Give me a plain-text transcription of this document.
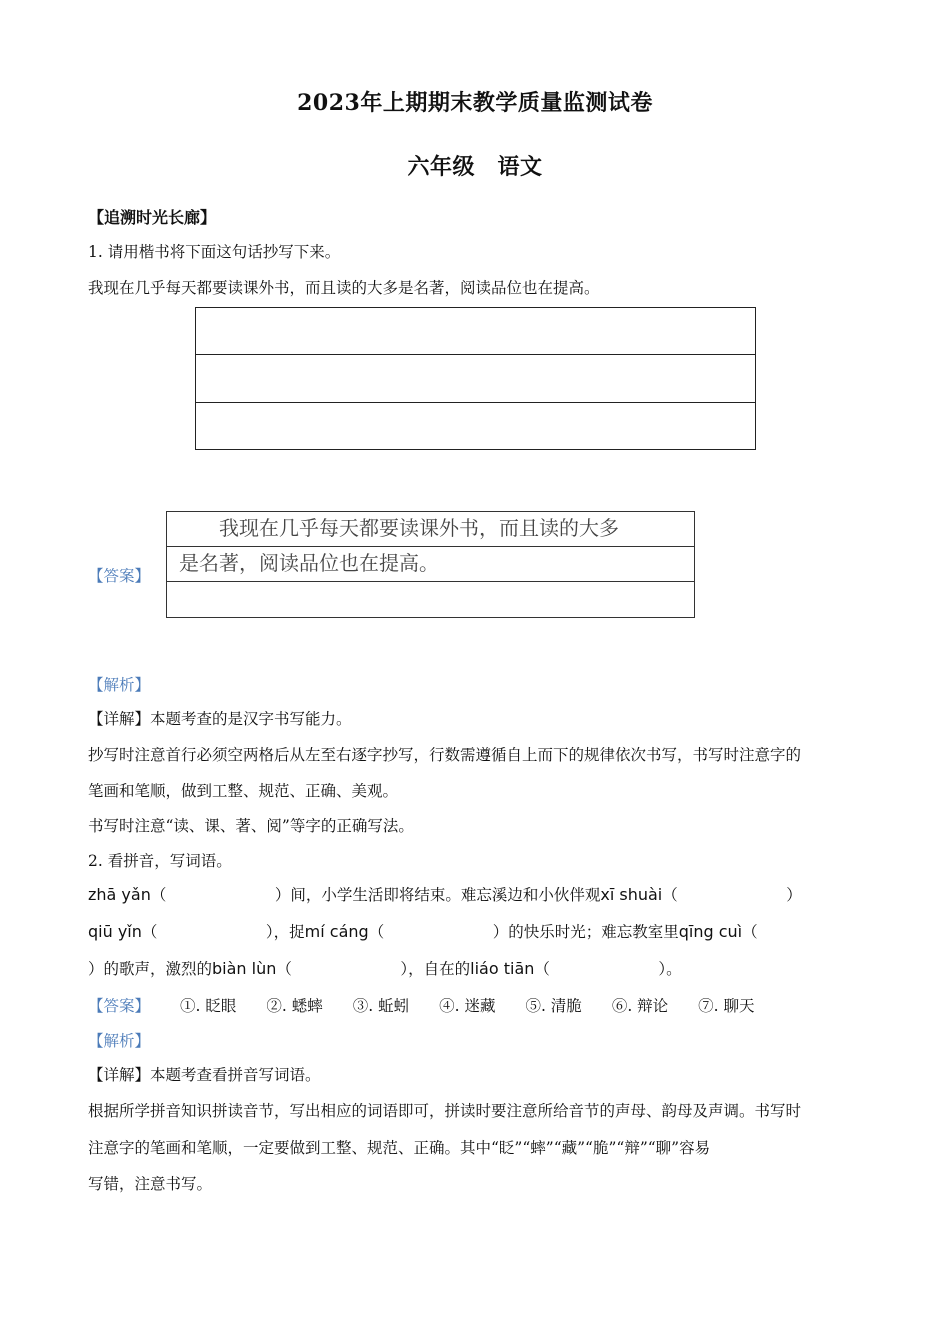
2023年上期期末教学质量监测试卷
六年级　语文
【追溯时光长廊】
1. 请用楷书将下面这句话抄写下来。
我现在几乎每天都要读课外书，而且读的大多是名著，阅读品位也在提高。
【答案】
　　我现在几乎每天都要读课外书，而且读的大多
是名著，阅读品位也在提高。
【解析】
【详解】本题考查的是汉字书写能力。
抄写时注意首行必须空两格后从左至右逐字抄写，行数需遵循自上而下的规律依次书写，书写时注意字的
笔画和笔顺，做到工整、规范、正确、美观。
书写时注意“读、课、著、阅”等字的正确写法。
2. 看拼音，写词语。
zhā yǎn（　　　　　　　）间，小学生活即将结束。难忘溪边和小伙伴观xī shuài（　　　　　　　）
qiū yǐn（　　　　　　　），捉mí cáng（　　　　　　　）的快乐时光；难忘教室里qīng cuì（
）的歌声，激烈的biàn lùn（　　　　　　　），自在的liáo tiān（　　　　　　　）。
【答案】 ①. 眨眼 ②. 蟋蟀 ③. 蚯蚓 ④. 迷藏 ⑤. 清脆 ⑥. 辩论 ⑦. 聊天
【解析】
【详解】本题考查看拼音写词语。
根据所学拼音知识拼读音节，写出相应的词语即可，拼读时要注意所给音节的声母、韵母及声调。书写时
注意字的笔画和笔顺，一定要做到工整、规范、正确。其中“眨”“蟀”“藏”“脆”“辩”“聊”容易
写错，注意书写。
